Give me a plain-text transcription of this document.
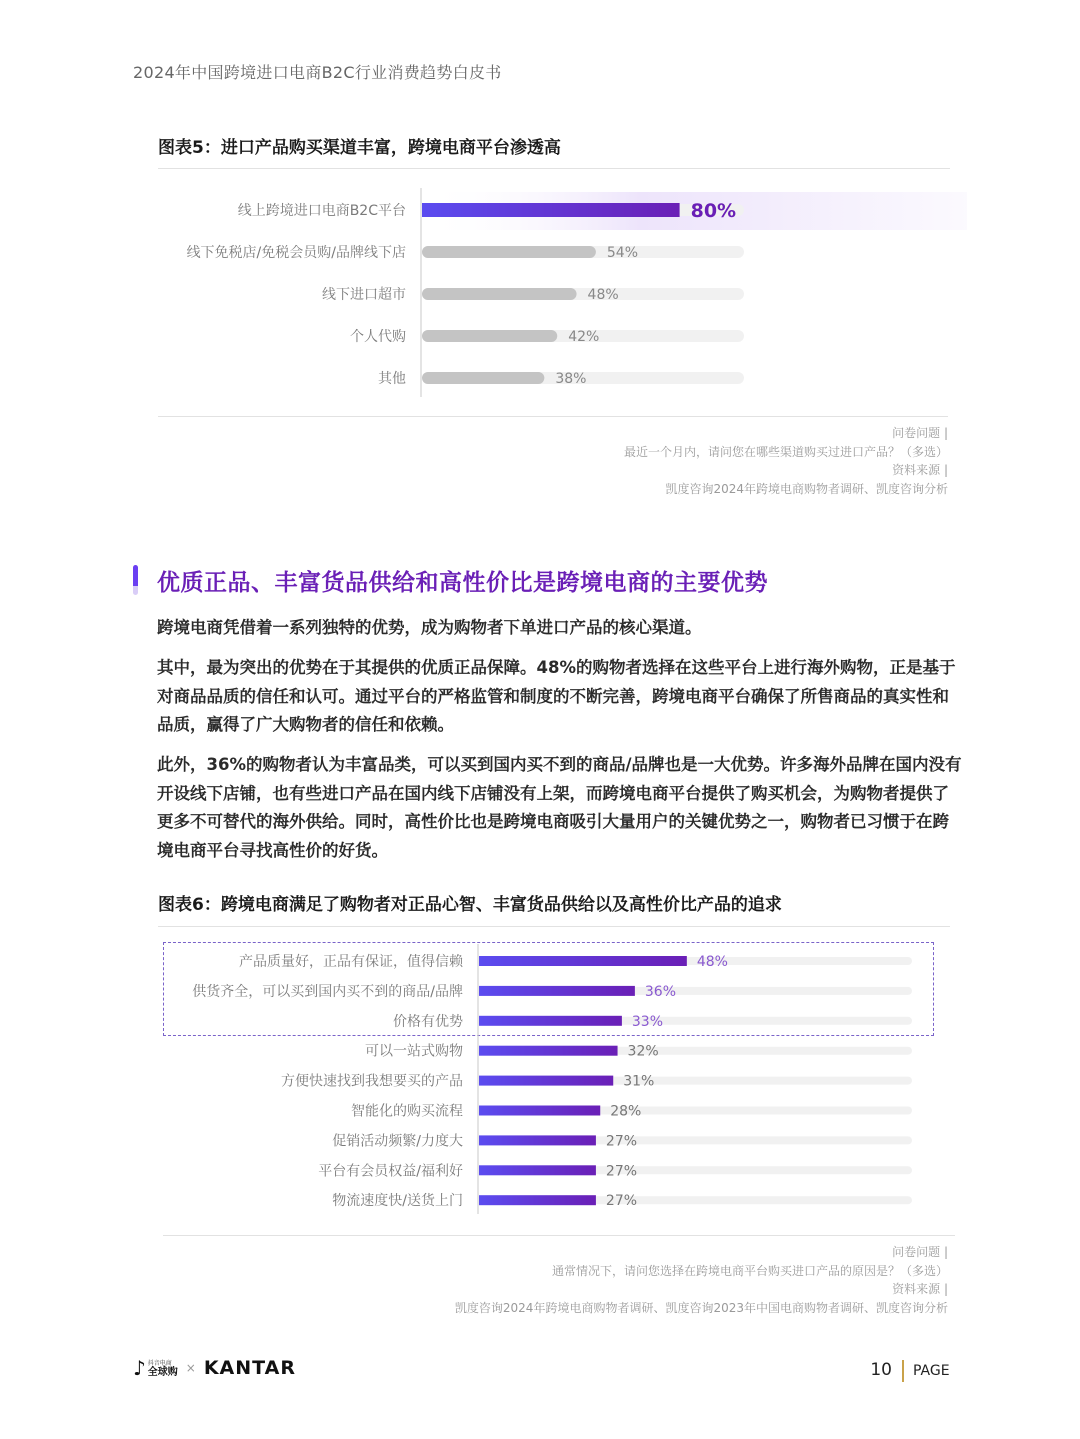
2024年中国跨境进口电商B2C行业消费趋势白皮书
图表5：进口产品购买渠道丰富，跨境电商平台渗透高
线上跨境进口电商B2C平台	80%
线下免税店/免税会员购/品牌线下店	54%
线下进口超市	48%
个人代购	42%
其他	38%
问卷问题 |
最近一个月内，请问您在哪些渠道购买过进口产品？（多选）
资料来源 |
凯度咨询2024年跨境电商购物者调研、凯度咨询分析
优质正品、丰富货品供给和高性价比是跨境电商的主要优势
跨境电商凭借着一系列独特的优势，成为购物者下单进口产品的核心渠道。
其中，最为突出的优势在于其提供的优质正品保障。48%的购物者选择在这些平台上进行海外购物，正是基于对商品品质的信任和认可。通过平台的严格监管和制度的不断完善，跨境电商平台确保了所售商品的真实性和品质，赢得了广大购物者的信任和依赖。
此外，36%的购物者认为丰富品类，可以买到国内买不到的商品/品牌也是一大优势。许多海外品牌在国内没有开设线下店铺，也有些进口产品在国内线下店铺没有上架，而跨境电商平台提供了购买机会，为购物者提供了更多不可替代的海外供给。同时，高性价比也是跨境电商吸引大量用户的关键优势之一，购物者已习惯于在跨境电商平台寻找高性价的好货。
图表6：跨境电商满足了购物者对正品心智、丰富货品供给以及高性价比产品的追求
产品质量好，正品有保证，值得信赖	48%
供货齐全，可以买到国内买不到的商品/品牌	36%
价格有优势	33%
可以一站式购物	32%
方便快速找到我想要买的产品	31%
智能化的购买流程	28%
促销活动频繁/力度大	27%
平台有会员权益/福利好	27%
物流速度快/送货上门	27%
问卷问题 |
通常情况下，请问您选择在跨境电商平台购买进口产品的原因是？（多选）
资料来源 |
凯度咨询2024年跨境电商购物者调研、凯度咨询2023年中国电商购物者调研、凯度咨询分析
♪ 抖音电商
全球购 × KANTAR	10 PAGE
